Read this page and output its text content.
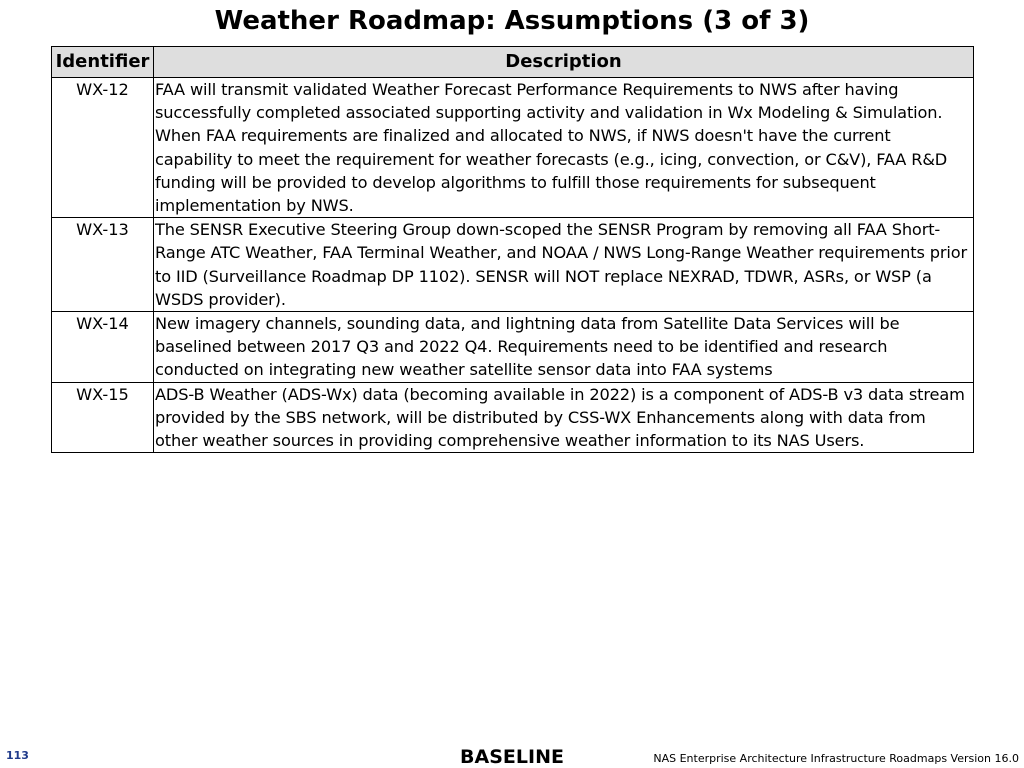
Weather Roadmap: Assumptions (3 of 3)
Identifier	Description
WX-12	FAA will transmit validated Weather Forecast Performance Requirements to NWS after having successfully completed associated supporting activity and validation in Wx Modeling & Simulation. When FAA requirements are finalized and allocated to NWS, if NWS doesn't have the current capability to meet the requirement for weather forecasts (e.g., icing, convection, or C&V), FAA R&D funding will be provided to develop algorithms to fulfill those requirements for subsequent implementation by NWS.
WX-13	The SENSR Executive Steering Group down-scoped the SENSR Program by removing all FAA Short-Range ATC Weather, FAA Terminal Weather, and NOAA / NWS Long-Range Weather requirements prior to IID (Surveillance Roadmap DP 1102). SENSR will NOT replace NEXRAD, TDWR, ASRs, or WSP (a WSDS provider).
WX-14	New imagery channels, sounding data, and lightning data from Satellite Data Services will be baselined between 2017 Q3 and 2022 Q4. Requirements need to be identified and research conducted on integrating new weather satellite sensor data into FAA systems
WX-15	ADS-B Weather (ADS-Wx) data (becoming available in 2022) is a component of ADS-B v3 data stream provided by the SBS network, will be distributed by CSS-WX Enhancements along with data from other weather sources in providing comprehensive weather information to its NAS Users.
113	BASELINE	NAS Enterprise Architecture Infrastructure Roadmaps Version 16.0
